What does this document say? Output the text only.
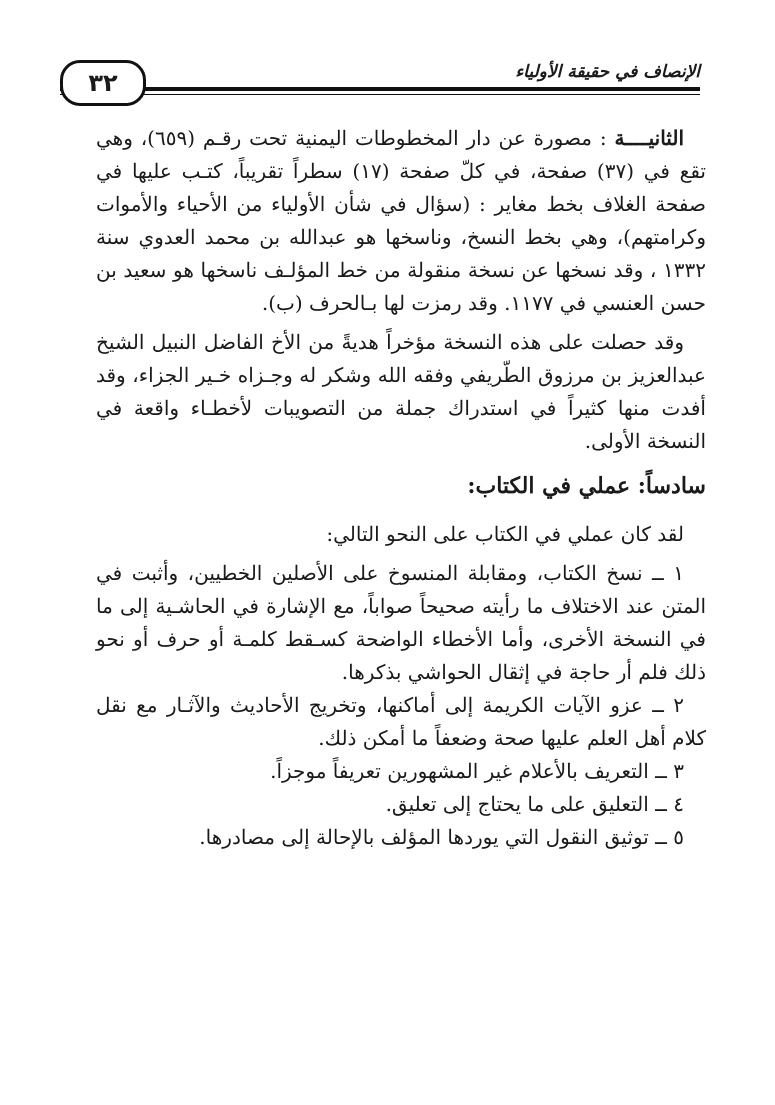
الإنصاف في حقيقة الأولياء
٣٢

الثانيــــة : مصورة عن دار المخطوطات اليمنية تحت رقـم (٦٥٩)، وهي تقع في (٣٧) صفحة، في كلّ صفحة (١٧) سطراً تقريباً، كتـب عليها في صفحة الغلاف بخط مغاير : (سؤال في شأن الأولياء من الأحياء والأموات وكرامتهم)، وهي بخط النسخ، وناسخها هو عبدالله بن محمد العدوي سنة ١٣٣٢ ، وقد نسخها عن نسخة منقولة من خط المؤلـف ناسخها هو سعيد بن حسن العنسي في ١١٧٧. وقد رمزت لها بـالحرف (ب).

وقد حصلت على هذه النسخة مؤخراً هديةً من الأخ الفاضل النبيل الشيخ عبدالعزيز بن مرزوق الطّريفي وفقه الله وشكر له وجـزاه خـير الجزاء، وقد أفدت منها كثيراً في استدراك جملة من التصويبات لأخطـاء واقعة في النسخة الأولى.

سادساً: عملي في الكتاب:

لقد كان عملي في الكتاب على النحو التالي:

١ ــ نسخ الكتاب، ومقابلة المنسوخ على الأصلين الخطيين، وأثبت في المتن عند الاختلاف ما رأيته صحيحاً صواباً، مع الإشارة في الحاشـية إلى ما في النسخة الأخرى، وأما الأخطاء الواضحة كسـقط كلمـة أو حرف أو نحو ذلك فلم أر حاجة في إثقال الحواشي بذكرها.

٢ ــ عزو الآيات الكريمة إلى أماكنها، وتخريج الأحاديث والآثـار مع نقل كلام أهل العلم عليها صحة وضعفاً ما أمكن ذلك.

٣ ــ التعريف بالأعلام غير المشهورين تعريفاً موجزاً.

٤ ــ التعليق على ما يحتاج إلى تعليق.

٥ ــ توثيق النقول التي يوردها المؤلف بالإحالة إلى مصادرها.
